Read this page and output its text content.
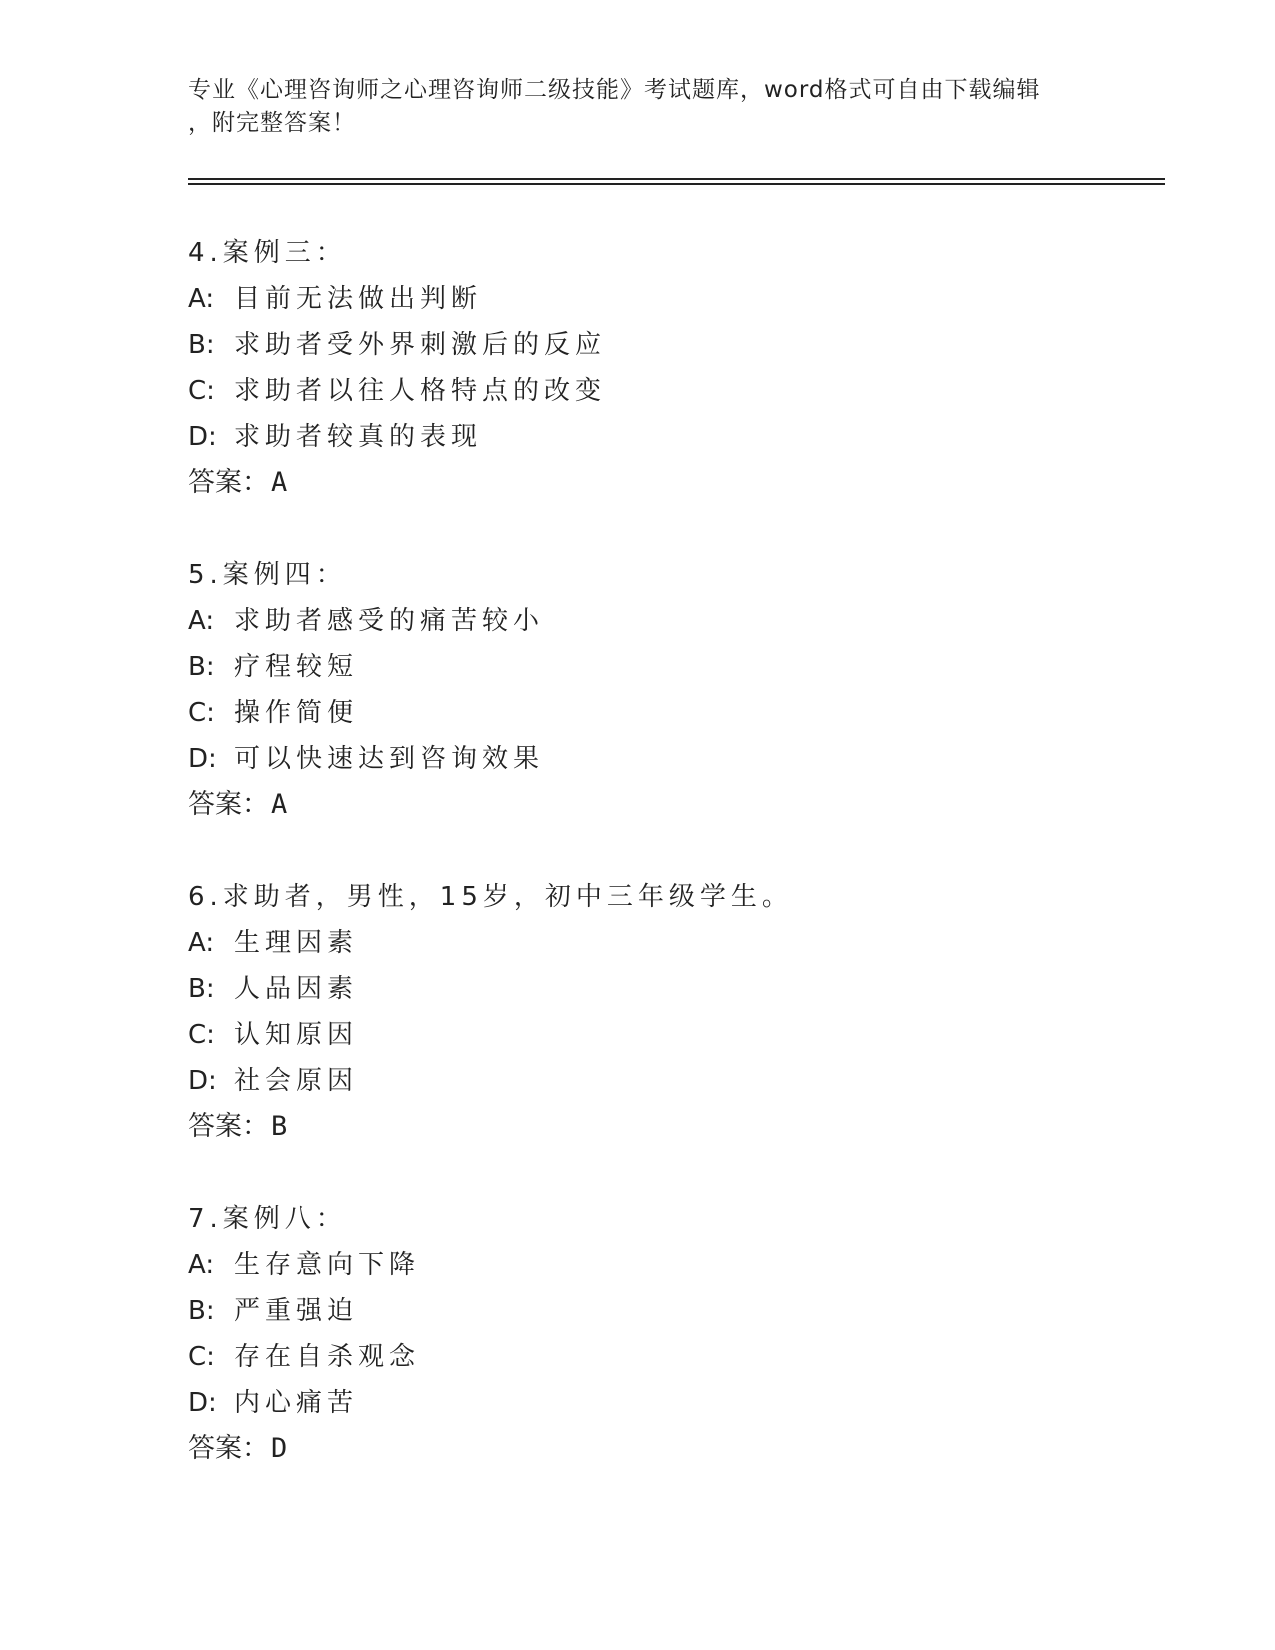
专业《心理咨询师之心理咨询师二级技能》考试题库，word格式可自由下载编辑
，附完整答案！
4.案例三：
A: 目前无法做出判断
B: 求助者受外界刺激后的反应
C: 求助者以往人格特点的改变
D: 求助者较真的表现
答案：A
5.案例四：
A: 求助者感受的痛苦较小
B: 疗程较短
C: 操作简便
D: 可以快速达到咨询效果
答案：A
6.求助者，男性，15岁，初中三年级学生。
A: 生理因素
B: 人品因素
C: 认知原因
D: 社会原因
答案：B
7.案例八：
A: 生存意向下降
B: 严重强迫
C: 存在自杀观念
D: 内心痛苦
答案：D
